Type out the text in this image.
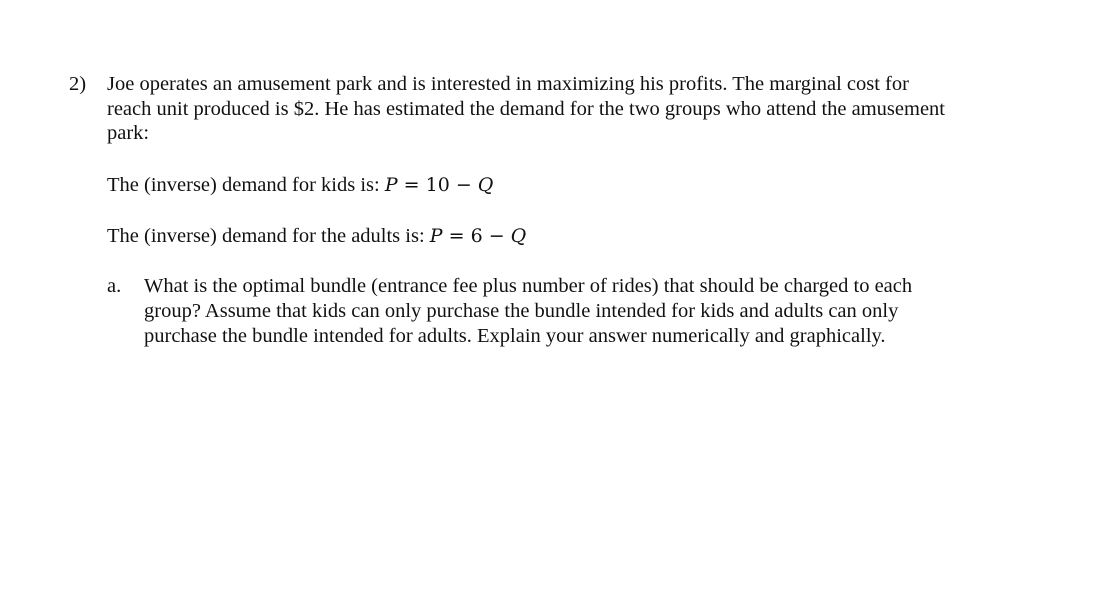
2) Joe operates an amusement park and is interested in maximizing his profits. The marginal cost for

reach unit produced is $2. He has estimated the demand for the two groups who attend the amusement

park:

The (inverse) demand for kids is: P = 10 − Q
The (inverse) demand for the adults is: P = 6 − Q
a. What is the optimal bundle (entrance fee plus number of rides) that should be charged to each

group? Assume that kids can only purchase the bundle intended for kids and adults can only

purchase the bundle intended for adults. Explain your answer numerically and graphically.
